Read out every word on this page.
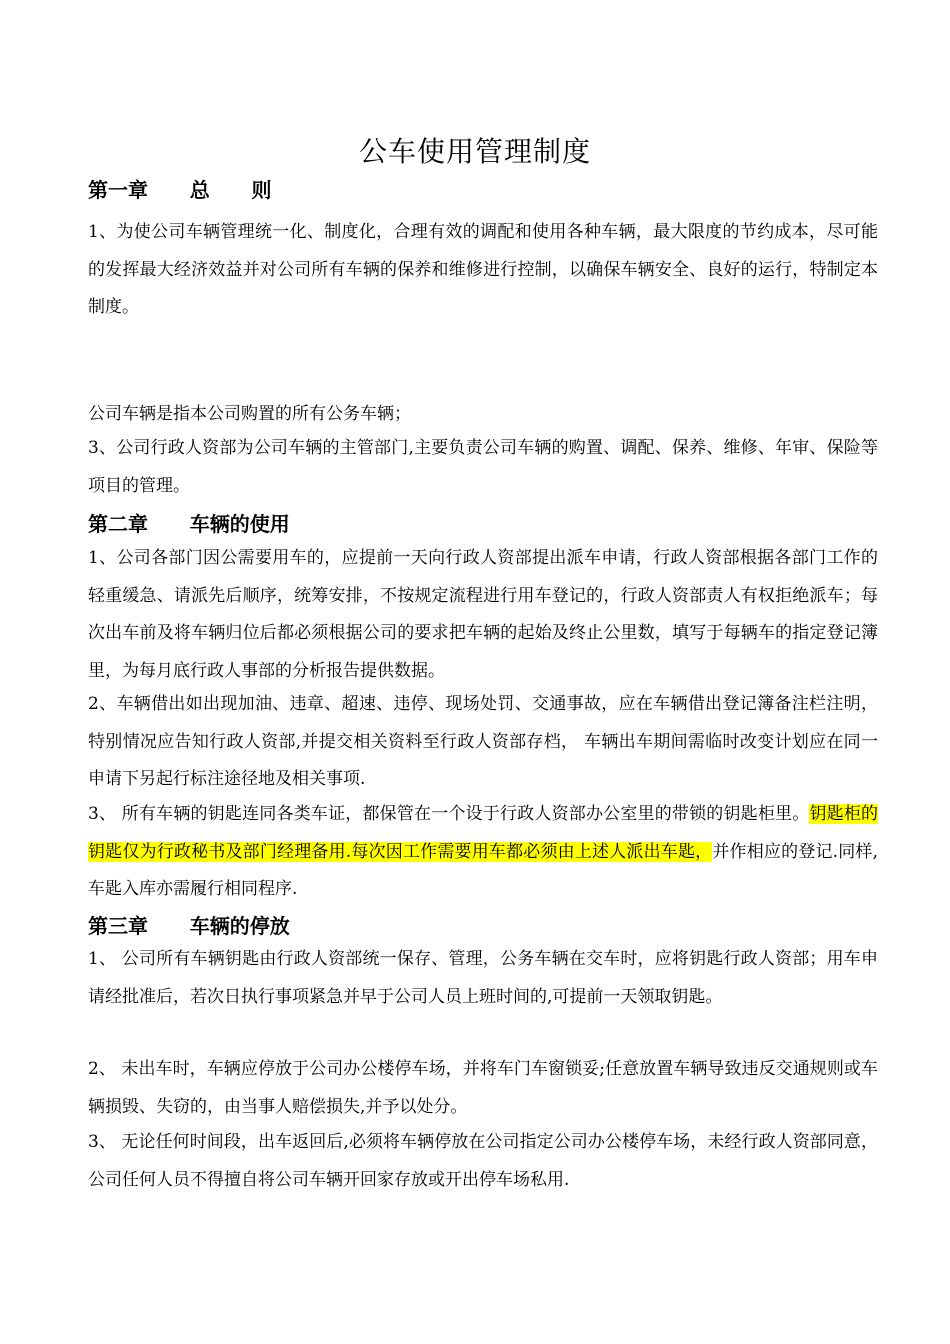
公车使用管理制度
第一章      总      则
1、为使公司车辆管理统一化、制度化，合理有效的调配和使用各种车辆，最大限度的节约成本，尽可能的发挥最大经济效益并对公司所有车辆的保养和维修进行控制，以确保车辆安全、良好的运行，特制定本制度。
公司车辆是指本公司购置的所有公务车辆；
3、公司行政人资部为公司车辆的主管部门,主要负责公司车辆的购置、调配、保养、维修、年审、保险等项目的管理。
第二章      车辆的使用
1、公司各部门因公需要用车的，应提前一天向行政人资部提出派车申请，行政人资部根据各部门工作的轻重缓急、请派先后顺序，统筹安排，不按规定流程进行用车登记的，行政人资部责人有权拒绝派车；每次出车前及将车辆归位后都必须根据公司的要求把车辆的起始及终止公里数，填写于每辆车的指定登记簿里，为每月底行政人事部的分析报告提供数据。
2、车辆借出如出现加油、违章、超速、违停、现场处罚、交通事故，应在车辆借出登记簿备注栏注明，特别情况应告知行政人资部,并提交相关资料至行政人资部存档， 车辆出车期间需临时改变计划应在同一申请下另起行标注途径地及相关事项.
3、 所有车辆的钥匙连同各类车证，都保管在一个设于行政人资部办公室里的带锁的钥匙柜里。钥匙柜的钥匙仅为行政秘书及部门经理备用.每次因工作需要用车都必须由上述人派出车匙，并作相应的登记.同样,车匙入库亦需履行相同程序.
第三章      车辆的停放
1、 公司所有车辆钥匙由行政人资部统一保存、管理，公务车辆在交车时，应将钥匙行政人资部；用车申请经批准后，若次日执行事项紧急并早于公司人员上班时间的,可提前一天领取钥匙。
2、 未出车时，车辆应停放于公司办公楼停车场，并将车门车窗锁妥;任意放置车辆导致违反交通规则或车辆损毁、失窃的，由当事人赔偿损失,并予以处分。
3、 无论任何时间段，出车返回后,必须将车辆停放在公司指定公司办公楼停车场，未经行政人资部同意，公司任何人员不得擅自将公司车辆开回家存放或开出停车场私用.
